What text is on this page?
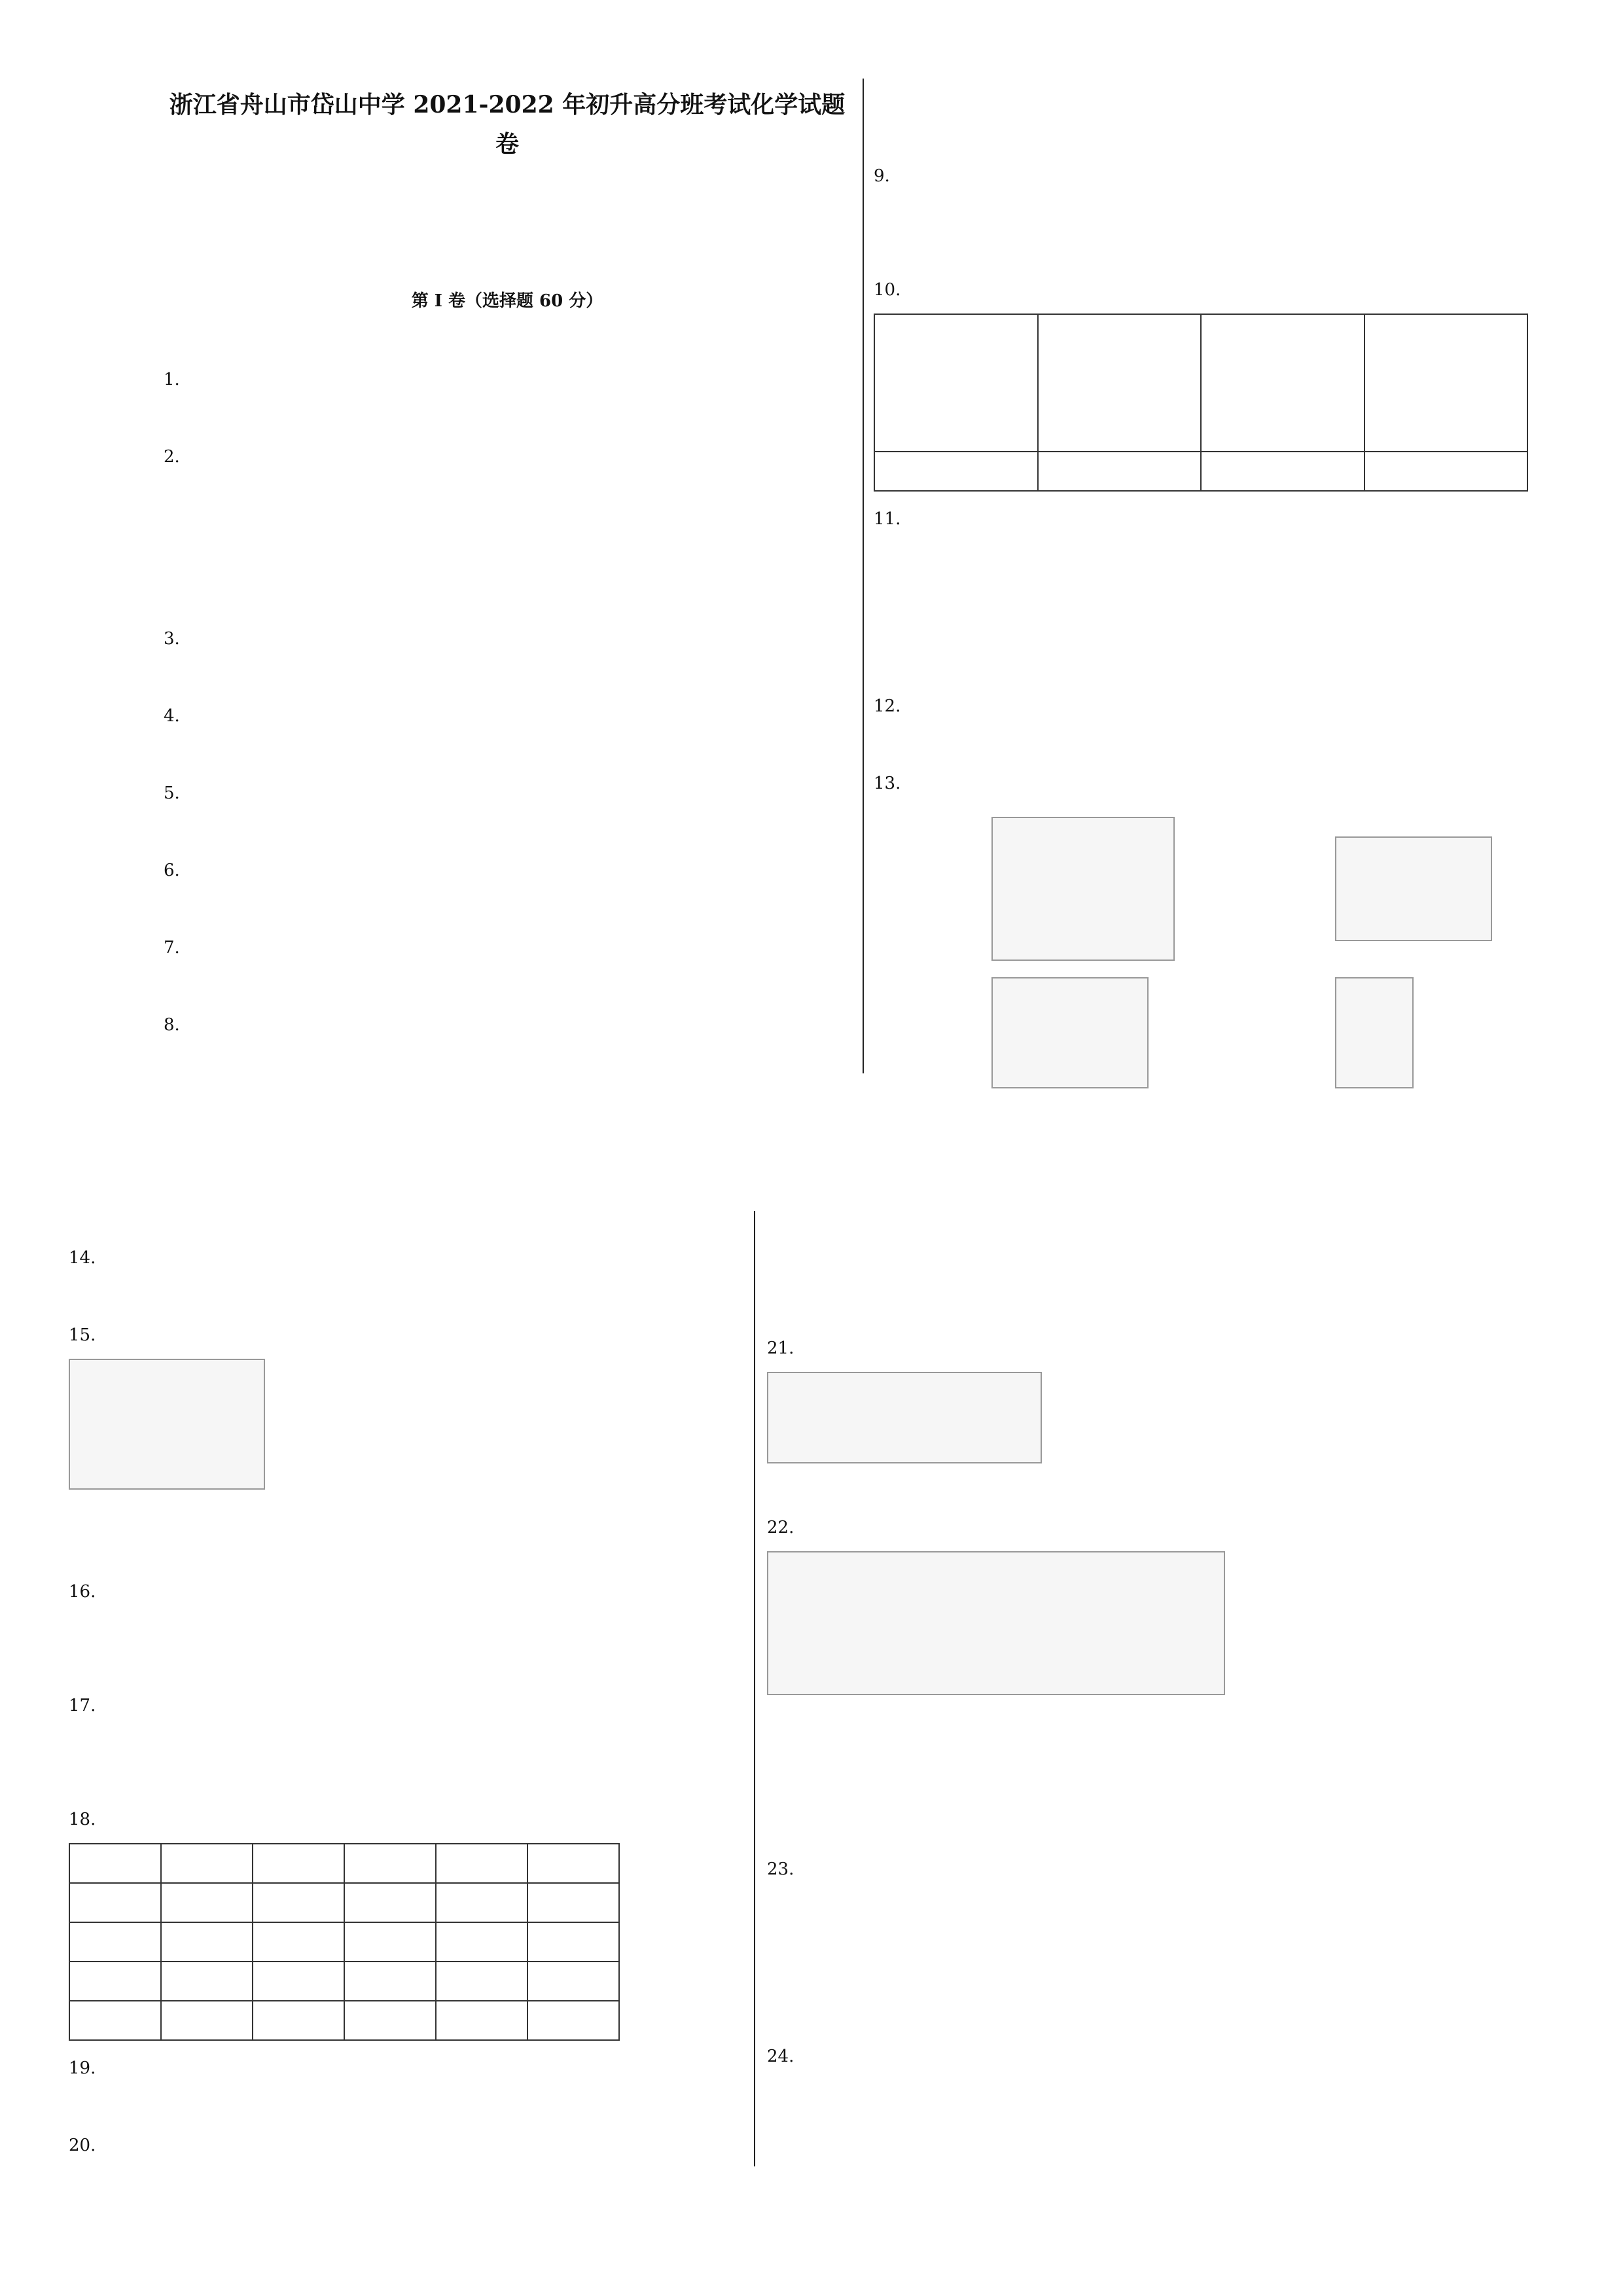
浙江省舟山市岱山中学 2021-2022 年初升高分班考试化学试题卷
第 I 卷（选择题 60 分）
1.
2.
3.
4.
5.
6.
7.
8.
9.
10.

11.
12.
13.
14.
15.
16.
17.
18.

19.
20.
21.
22.
23.
24.
